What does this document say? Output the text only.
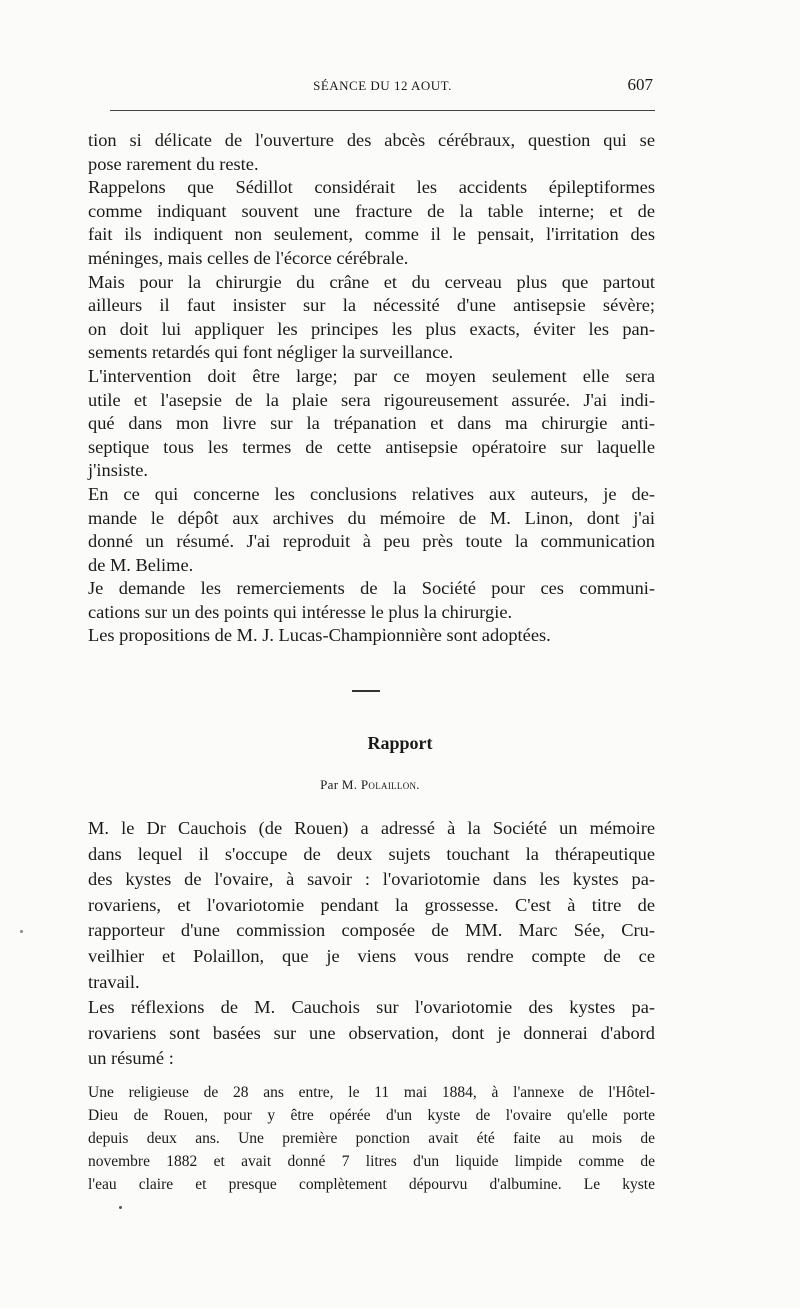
SÉANCE DU 12 AOUT.	607
tion si délicate de l'ouverture des abcès cérébraux, question qui se
pose rarement du reste.
Rappelons que Sédillot considérait les accidents épileptiformes
comme indiquant souvent une fracture de la table interne; et de
fait ils indiquent non seulement, comme il le pensait, l'irritation des
méninges, mais celles de l'écorce cérébrale.
Mais pour la chirurgie du crâne et du cerveau plus que partout
ailleurs il faut insister sur la nécessité d'une antisepsie sévère;
on doit lui appliquer les principes les plus exacts, éviter les pan-
sements retardés qui font négliger la surveillance.
L'intervention doit être large; par ce moyen seulement elle sera
utile et l'asepsie de la plaie sera rigoureusement assurée. J'ai indi-
qué dans mon livre sur la trépanation et dans ma chirurgie anti-
septique tous les termes de cette antisepsie opératoire sur laquelle
j'insiste.
En ce qui concerne les conclusions relatives aux auteurs, je de-
mande le dépôt aux archives du mémoire de M. Linon, dont j'ai
donné un résumé. J'ai reproduit à peu près toute la communication
de M. Belime.
Je demande les remerciements de la Société pour ces communi-
cations sur un des points qui intéresse le plus la chirurgie.
Les propositions de M. J. Lucas-Championnière sont adoptées.
Rapport
Par M. Polaillon.
M. le Dr Cauchois (de Rouen) a adressé à la Société un mémoire
dans lequel il s'occupe de deux sujets touchant la thérapeutique
des kystes de l'ovaire, à savoir : l'ovariotomie dans les kystes pa-
rovariens, et l'ovariotomie pendant la grossesse. C'est à titre de
rapporteur d'une commission composée de MM. Marc Sée, Cru-
veilhier et Polaillon, que je viens vous rendre compte de ce
travail.
Les réflexions de M. Cauchois sur l'ovariotomie des kystes pa-
rovariens sont basées sur une observation, dont je donnerai d'abord
un résumé :
Une religieuse de 28 ans entre, le 11 mai 1884, à l'annexe de l'Hôtel-
Dieu de Rouen, pour y être opérée d'un kyste de l'ovaire qu'elle porte
depuis deux ans. Une première ponction avait été faite au mois de
novembre 1882 et avait donné 7 litres d'un liquide limpide comme de
l'eau claire et presque complètement dépourvu d'albumine. Le kyste
